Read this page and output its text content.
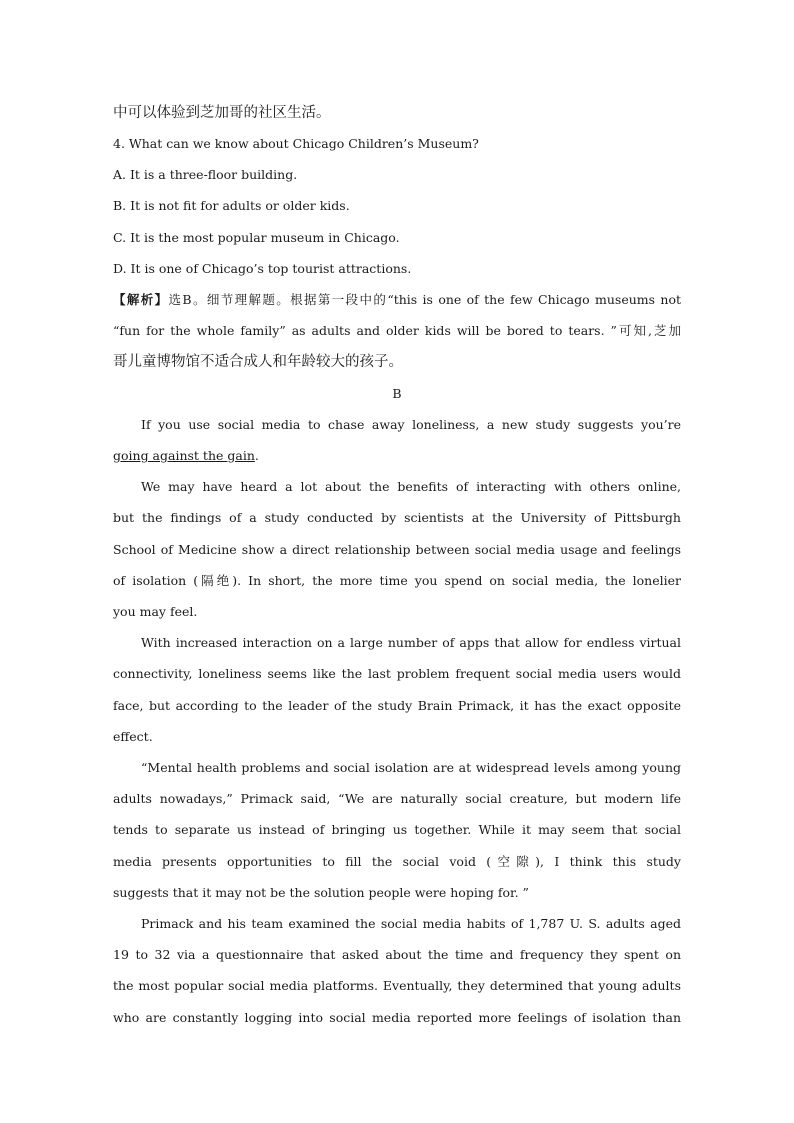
中可以体验到芝加哥的社区生活。
4. What can we know about Chicago Children’s Museum?
A. It is a three-floor building.
B. It is not fit for adults or older kids.
C. It is the most popular museum in Chicago.
D. It is one of Chicago’s top tourist attractions.
【解析】选B。细节理解题。根据第一段中的“this is one of the few Chicago museums not
“fun for the whole family” as adults and older kids will be bored to tears. ”可知,芝加
哥儿童博物馆不适合成人和年龄较大的孩子。
B
If you use social media to chase away loneliness, a new study suggests you’re
going against the gain.
We may have heard a lot about the benefits of interacting with others online,
but the findings of a study conducted by scientists at the University of Pittsburgh
School of Medicine show a direct relationship between social media usage and feelings
of isolation (隔绝). In short, the more time you spend on social media, the lonelier
you may feel.
With increased interaction on a large number of apps that allow for endless virtual
connectivity, loneliness seems like the last problem frequent social media users would
face, but according to the leader of the study Brain Primack, it has the exact opposite
effect.
“Mental health problems and social isolation are at widespread levels among young
adults nowadays,” Primack said, “We are naturally social creature, but modern life
tends to separate us instead of bringing us together. While it may seem that social
media presents opportunities to fill the social void (空隙), I think this study
suggests that it may not be the solution people were hoping for. ”
Primack and his team examined the social media habits of 1,787 U. S. adults aged
19 to 32 via a questionnaire that asked about the time and frequency they spent on
the most popular social media platforms. Eventually, they determined that young adults
who are constantly logging into social media reported more feelings of isolation than
